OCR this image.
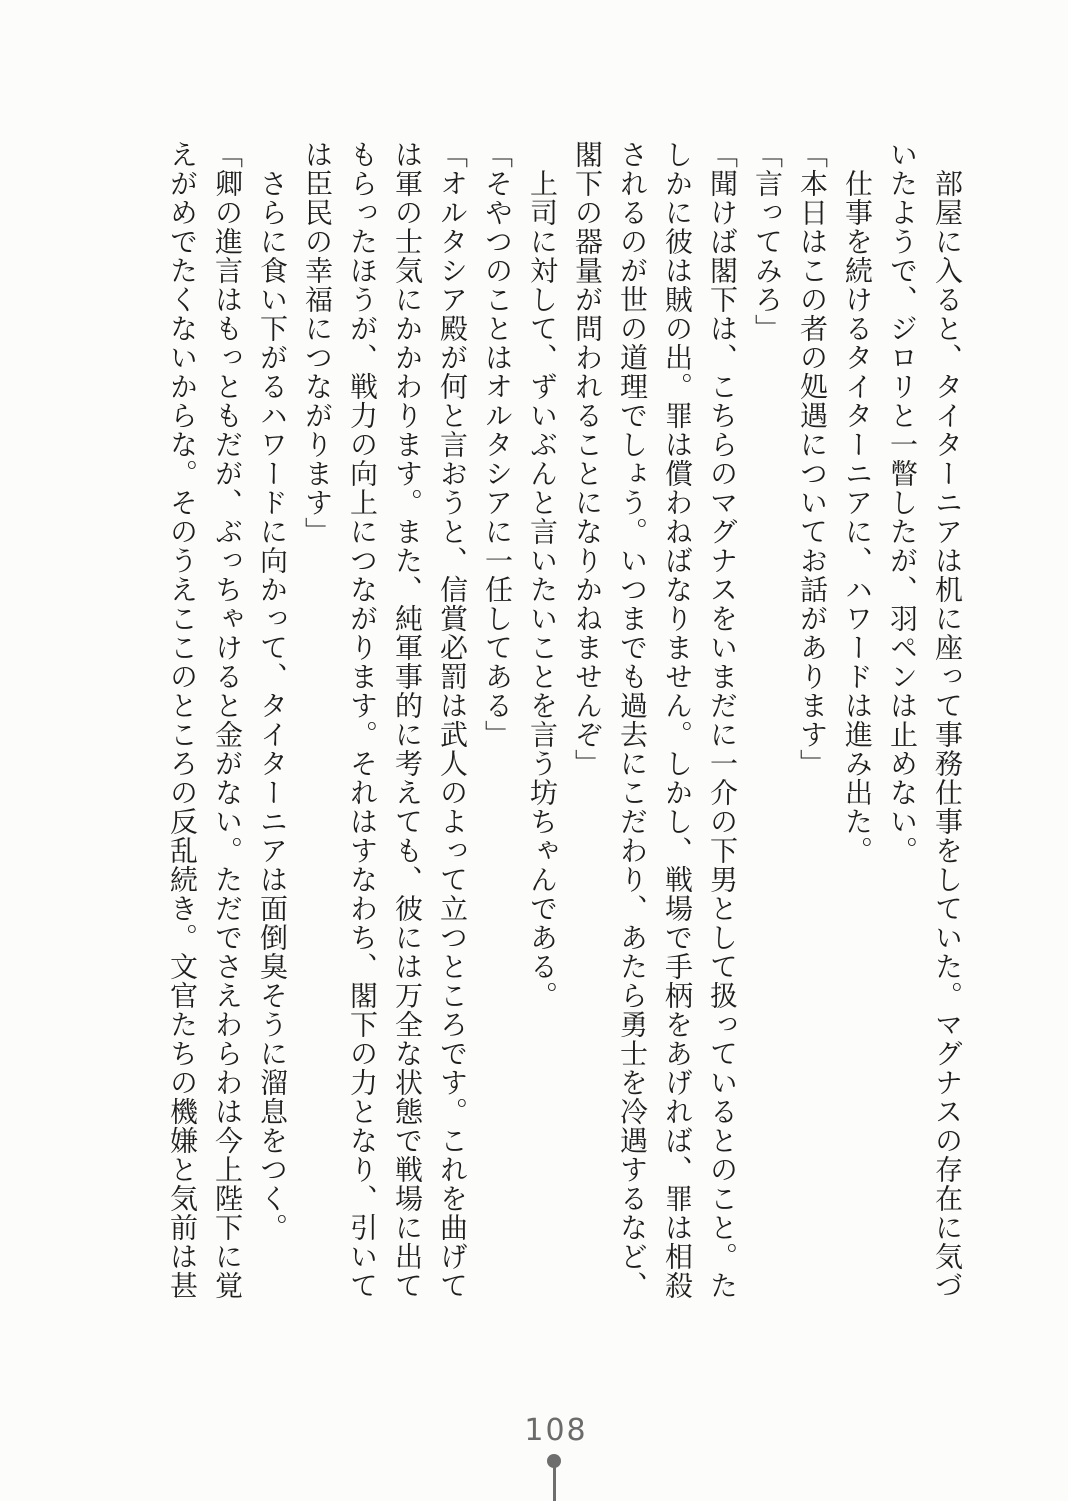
部屋に入ると、タイターニアは机に座って事務仕事をしていた。マグナスの存在に気づいたようで、ジロリと一瞥したが、羽ペンは止めない。

仕事を続けるタイターニアに、ハワードは進み出た。

「本日はこの者の処遇についてお話があります」

「言ってみろ」

「聞けば閣下は、こちらのマグナスをいまだに一介の下男として扱っているとのこと。たしかに彼は賊の出。罪は償わねばなりません。しかし、戦場で手柄をあげれば、罪は相殺されるのが世の道理でしょう。いつまでも過去にこだわり、あたら勇士を冷遇するなど、閣下の器量が問われることになりかねませんぞ」

上司に対して、ずいぶんと言いたいことを言う坊ちゃんである。

「そやつのことはオルタシアに一任してある」

「オルタシア殿が何と言おうと、信賞必罰は武人のよって立つところです。これを曲げては軍の士気にかかわります。また、純軍事的に考えても、彼には万全な状態で戦場に出てもらったほうが、戦力の向上につながります。それはすなわち、閣下の力となり、引いては臣民の幸福につながります」

さらに食い下がるハワードに向かって、タイターニアは面倒臭そうに溜息をつく。

「卿の進言はもっともだが、ぶっちゃけると金がない。ただでさえわらわは今上陛下に覚えがめでたくないからな。そのうえここのところの反乱続き。文官たちの機嫌と気前は甚

108
